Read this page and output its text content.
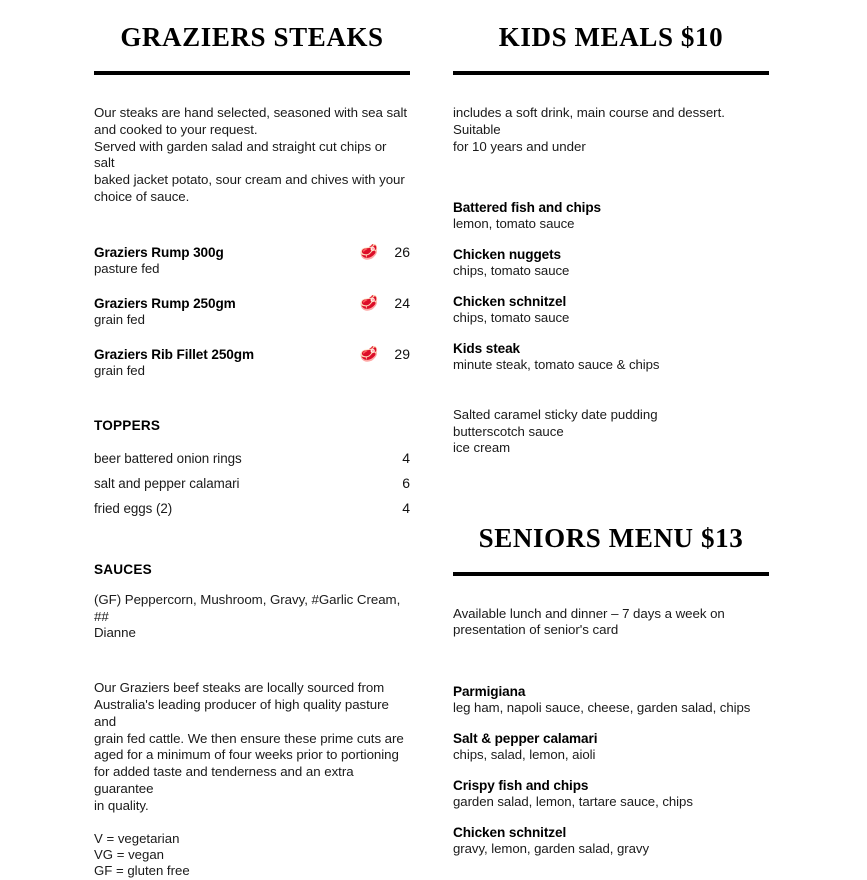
GRAZIERS STEAKS

Our steaks are hand selected, seasoned with sea salt

and cooked to your request.

Served with garden salad and straight cut chips or salt

baked jacket potato, sour cream and chives with your

choice of sauce.

Graziers Rump 300g	🥩	26
pasture fed
Graziers Rump 250gm	🥩	24
grain fed
Graziers Rib Fillet 250gm	🥩	29
grain fed
TOPPERS
beer battered onion rings	4
salt and pepper calamari	6
fried eggs (2)	4
SAUCES

(GF) Peppercorn, Mushroom, Gravy, #Garlic Cream, ##

Dianne

Our Graziers beef steaks are locally sourced from

Australia's leading producer of high quality pasture and

grain fed cattle. We then ensure these prime cuts are

aged for a minimum of four weeks prior to portioning

for added taste and tenderness and an extra guarantee

in quality.

V = vegetarian
VG = vegan
GF = gluten free
KIDS MEALS $10

includes a soft drink, main course and dessert. Suitable

for 10 years and under

Battered fish and chips
lemon, tomato sauce
Chicken nuggets
chips, tomato sauce
Chicken schnitzel
chips, tomato sauce
Kids steak
minute steak, tomato sauce & chips
Salted caramel sticky date pudding
butterscotch sauce
ice cream
SENIORS MENU $13

Available lunch and dinner – 7 days a week on

presentation of senior's card

Parmigiana
leg ham, napoli sauce, cheese, garden salad, chips
Salt & pepper calamari
chips, salad, lemon, aioli
Crispy fish and chips
garden salad, lemon, tartare sauce, chips
Chicken schnitzel
gravy, lemon, garden salad, gravy
